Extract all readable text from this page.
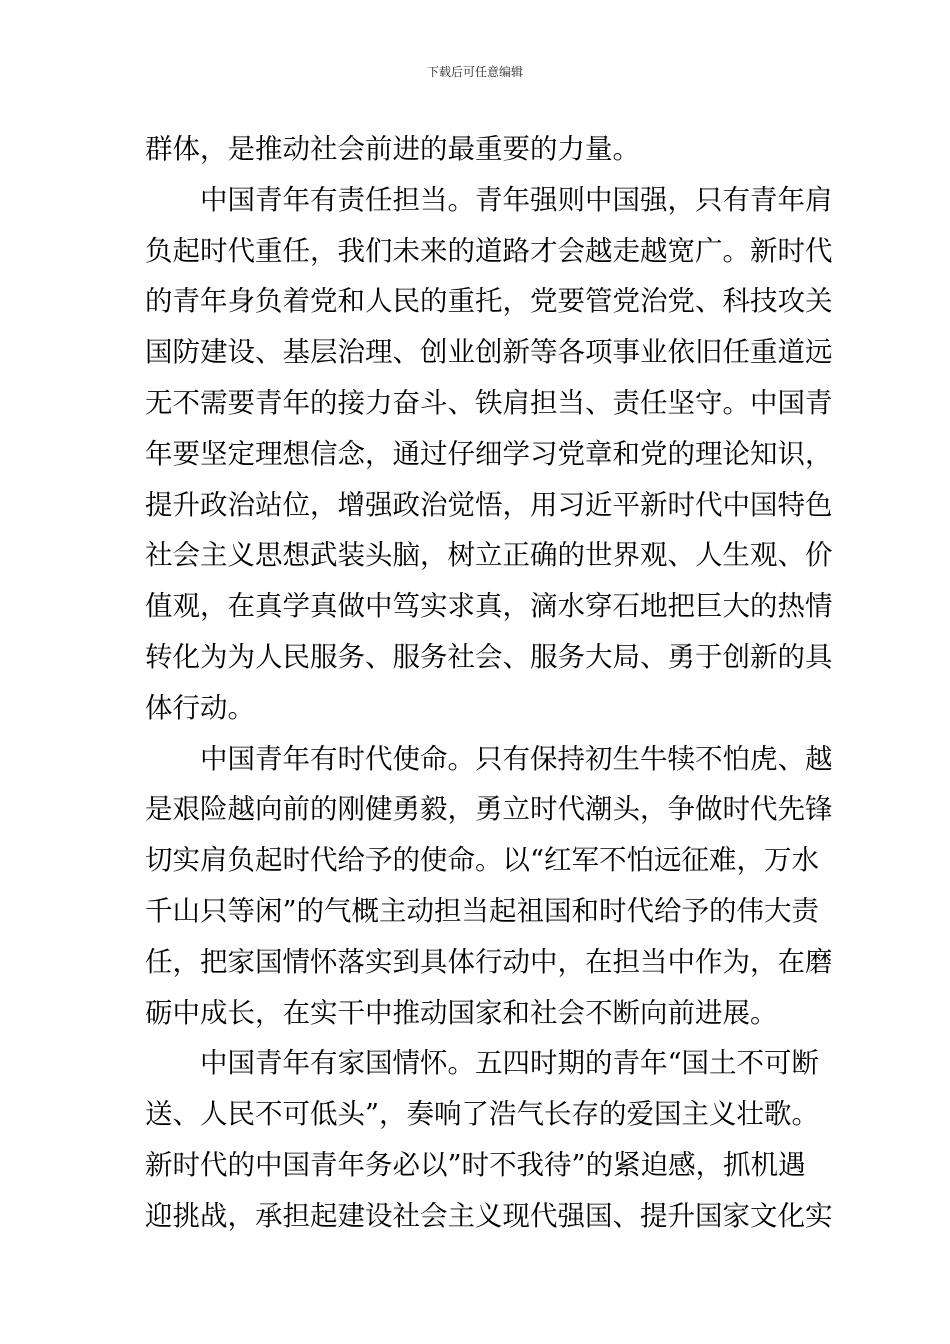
下载后可任意编辑
群体，是推动社会前进的最重要的力量。
中国青年有责任担当。青年强则中国强，只有青年肩
负起时代重任，我们未来的道路才会越走越宽广。新时代
的青年身负着党和人民的重托，党要管党治党、科技攻关
国防建设、基层治理、创业创新等各项事业依旧任重道远
无不需要青年的接力奋斗、铁肩担当、责任坚守。中国青
年要坚定理想信念，通过仔细学习党章和党的理论知识，
提升政治站位，增强政治觉悟，用习近平新时代中国特色
社会主义思想武装头脑，树立正确的世界观、人生观、价
值观，在真学真做中笃实求真，滴水穿石地把巨大的热情
转化为为人民服务、服务社会、服务大局、勇于创新的具
体行动。
中国青年有时代使命。只有保持初生牛犊不怕虎、越
是艰险越向前的刚健勇毅，勇立时代潮头，争做时代先锋
切实肩负起时代给予的使命。以“红军不怕远征难，万水
千山只等闲”的气概主动担当起祖国和时代给予的伟大责
任，把家国情怀落实到具体行动中，在担当中作为，在磨
砺中成长，在实干中推动国家和社会不断向前进展。
中国青年有家国情怀。五四时期的青年“国土不可断
送、人民不可低头”，奏响了浩气长存的爱国主义壮歌。
新时代的中国青年务必以”时不我待”的紧迫感，抓机遇
迎挑战，承担起建设社会主义现代强国、提升国家文化实
